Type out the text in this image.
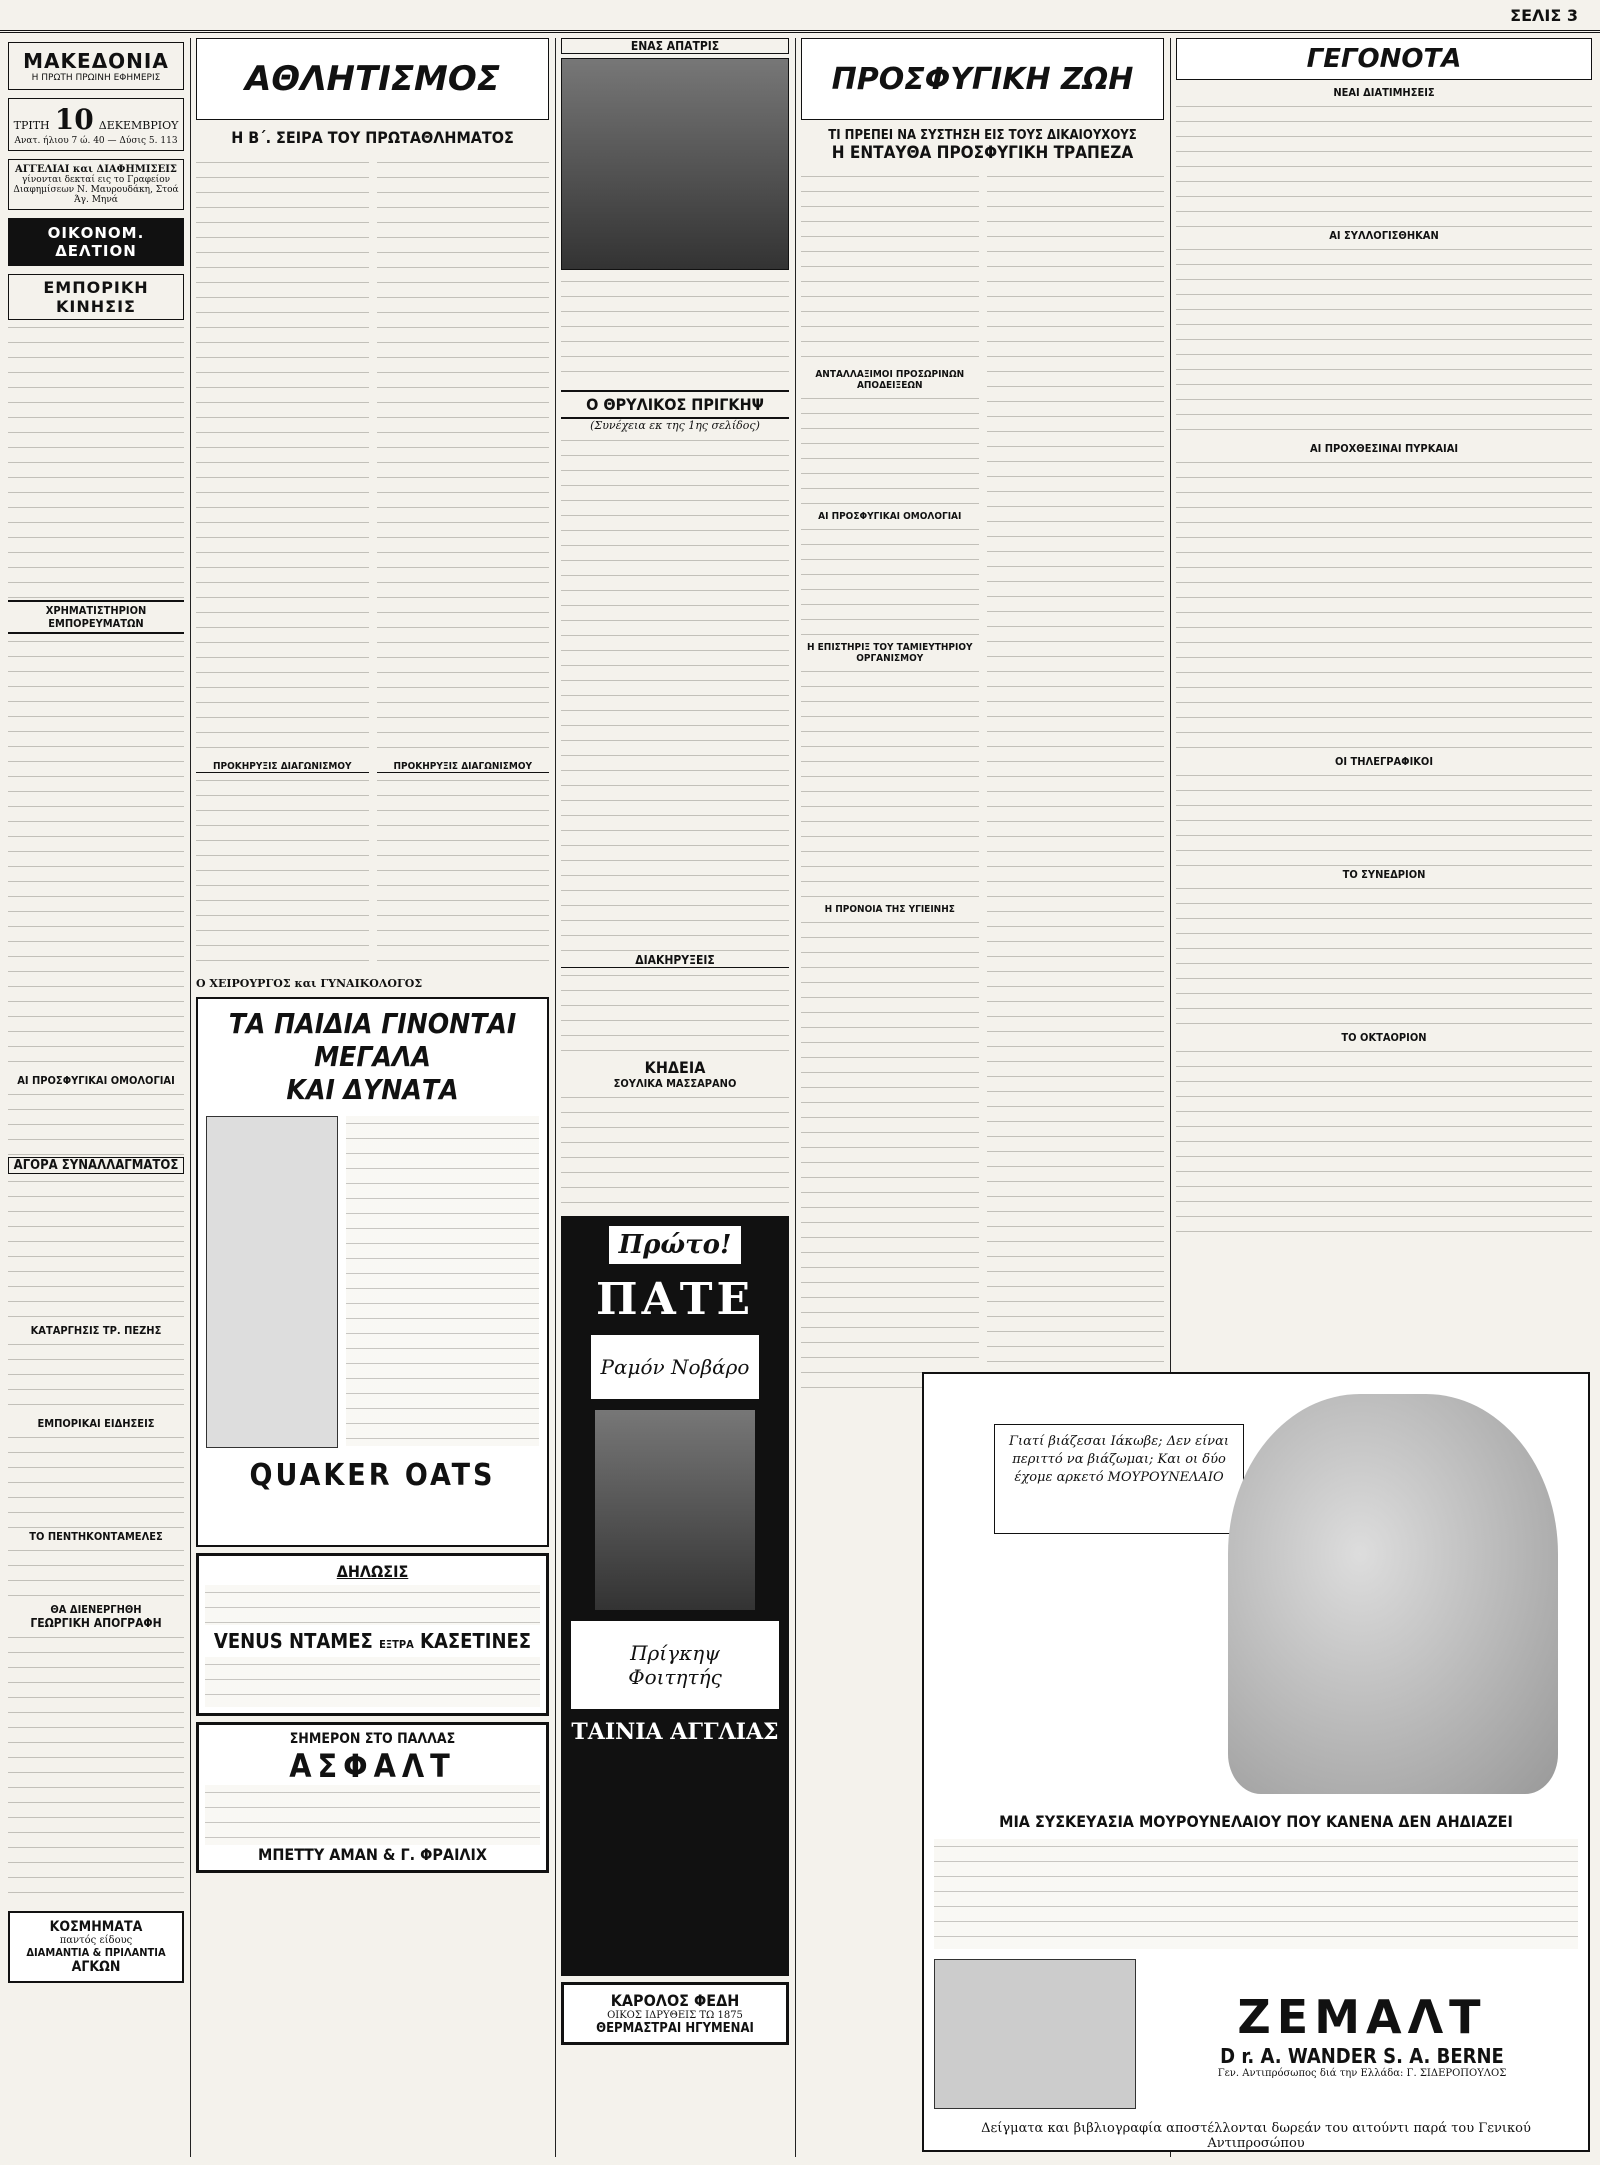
ΣΕΛΙΣ 3
ΜΑΚΕΔΟΝΙΑ
Η ΠΡΩΤΗ ΠΡΩΙΝΗ ΕΦΗΜΕΡΙΣ
ΤΡΙΤΗ 10 ΔΕΚΕΜΒΡΙΟΥ
Ανατ. ήλιου 7 ώ. 40 — Δύσις 5. 113
ΑΓΓΕΛΙΑΙ και ΔΙΑΦΗΜΙΣΕΙΣ
γίνονται δεκταί εις το Γραφείον Διαφημίσεων Ν. Μαυρουδάκη, Στοά Άγ. Μηνά
ΟΙΚΟΝΟΜ. ΔΕΛΤΙΟΝ
ΕΜΠΟΡΙΚΗ ΚΙΝΗΣΙΣ
ΧΡΗΜΑΤΙΣΤΗΡΙΟΝ ΕΜΠΟΡΕΥΜΑΤΩΝ
ΑΙ ΠΡΟΣΦΥΓΙΚΑΙ ΟΜΟΛΟΓΙΑΙ
ΑΓΟΡΑ ΣΥΝΑΛΛΑΓΜΑΤΟΣ
ΚΑΤΑΡΓΗΣΙΣ ΤΡ. ΠΕΖΗΣ
ΕΜΠΟΡΙΚΑΙ ΕΙΔΗΣΕΙΣ
ΤΟ ΠΕΝΤΗΚΟΝΤΑΜΕΛΕΣ
ΘΑ ΔΙΕΝΕΡΓΗΘΗ
ΓΕΩΡΓΙΚΗ ΑΠΟΓΡΑΦΗ
ΚΟΣΜΗΜΑΤΑ
παντός είδους
ΔΙΑΜΑΝΤΙΑ & ΠΡΙΛΑΝΤΙΑ
ΑΓΚΩΝ
ΑΘΛΗΤΙΣΜΟΣ
Η Β΄. ΣΕΙΡΑ ΤΟΥ ΠΡΩΤΑΘΛΗΜΑΤΟΣ
ΠΡΟΚΗΡΥΞΙΣ ΔΙΑΓΩΝΙΣΜΟΥ	ΠΡΟΚΗΡΥΞΙΣ ΔΙΑΓΩΝΙΣΜΟΥ
Ο ΧΕΙΡΟΥΡΓΟΣ και ΓΥΝΑΙΚΟΛΟΓΟΣ
ΤΑ ΠΑΙΔΙΑ ΓΙΝΟΝΤΑΙ
ΜΕΓΑΛΑ
ΚΑΙ ΔΥΝΑΤΑ
QUAKER OATS
ΔΗΛΩΣΙΣ
VENUS ΝΤΑΜΕΣ ΕΞΤΡΑ ΚΑΣΕΤΙΝΕΣ
ΣΗΜΕΡΟΝ ΣΤΟ ΠΑΛΛΑΣ
ΑΣΦΑΛΤ
ΜΠΕΤΤΥ ΑΜΑΝ & Γ. ΦΡΑΙΛΙΧ
ΕΝΑΣ ΑΠΑΤΡΙΣ
Ο ΘΡΥΛΙΚΟΣ ΠΡΙΓΚΗΨ
(Συνέχεια εκ της 1ης σελίδος)
ΔΙΑΚΗΡΥΞΕΙΣ
ΚΗΔΕΙΑ
ΣΟΥΛΙΚΑ ΜΑΣΣΑΡΑΝΟ
Πρώτο!
ΠΑΤΕ
Ραμόν Νοβάρο
Πρίγκηψ Φοιτητής
ΤΑΙΝΙΑ ΑΓΓΛΙΑΣ
ΚΑΡΟΛΟΣ ΦΕΔΗ
ΟΙΚΟΣ ΙΔΡΥΘΕΙΣ ΤΩ 1875
ΘΕΡΜΑΣΤΡΑΙ ΗΓΥΜΕΝΑΙ
ΠΡΟΣΦΥΓΙΚΗ ΖΩΗ
ΤΙ ΠΡΕΠΕΙ ΝΑ ΣΥΣΤΗΣΗ ΕΙΣ ΤΟΥΣ ΔΙΚΑΙΟΥΧΟΥΣ
Η ΕΝΤΑΥΘΑ ΠΡΟΣΦΥΓΙΚΗ ΤΡΑΠΕΖΑ
ΑΝΤΑΛΛΑΞΙΜΟΙ ΠΡΟΣΩΡΙΝΩΝ ΑΠΟΔΕΙΞΕΩΝ
ΑΙ ΠΡΟΣΦΥΓΙΚΑΙ ΟΜΟΛΟΓΙΑΙ
Η ΕΠΙΣΤΗΡΙΞ ΤΟΥ ΤΑΜΙΕΥΤΗΡΙΟΥ ΟΡΓΑΝΙΣΜΟΥ
Η ΠΡΟΝΟΙΑ ΤΗΣ ΥΓΙΕΙΝΗΣ
ΓΕΓΟΝΟΤΑ
ΝΕΑΙ ΔΙΑΤΙΜΗΣΕΙΣ
ΑΙ ΣΥΛΛΟΓΙΣΘΗΚΑΝ
ΑΙ ΠΡΟΧΘΕΣΙΝΑΙ ΠΥΡΚΑΙΑΙ
ΟΙ ΤΗΛΕΓΡΑΦΙΚΟΙ
ΤΟ ΣΥΝΕΔΡΙΟΝ
ΤΟ ΟΚΤΑΟΡΙΟΝ
Γιατί βιάζεσαι Ιάκωβε; Δεν είναι περιττό να βιάζωμαι; Και οι δύο έχομε αρκετό ΜΟΥΡΟΥΝΕΛΑΙΟ
ΜΙΑ ΣΥΣΚΕΥΑΣΙΑ ΜΟΥΡΟΥΝΕΛΑΙΟΥ ΠΟΥ ΚΑΝΕΝΑ ΔΕΝ ΑΗΔΙΑΖΕΙ
ΖΕΜΑΛΤ
D r. A. WANDER S. A. BERNE
Γεν. Αντιπρόσωπος διά την Ελλάδα: Γ. ΣΙΔΕΡΟΠΟΥΛΟΣ
Δείγματα και βιβλιογραφία αποστέλλονται δωρεάν του αιτούντι παρά του Γενικού Αντιπροσώπου
